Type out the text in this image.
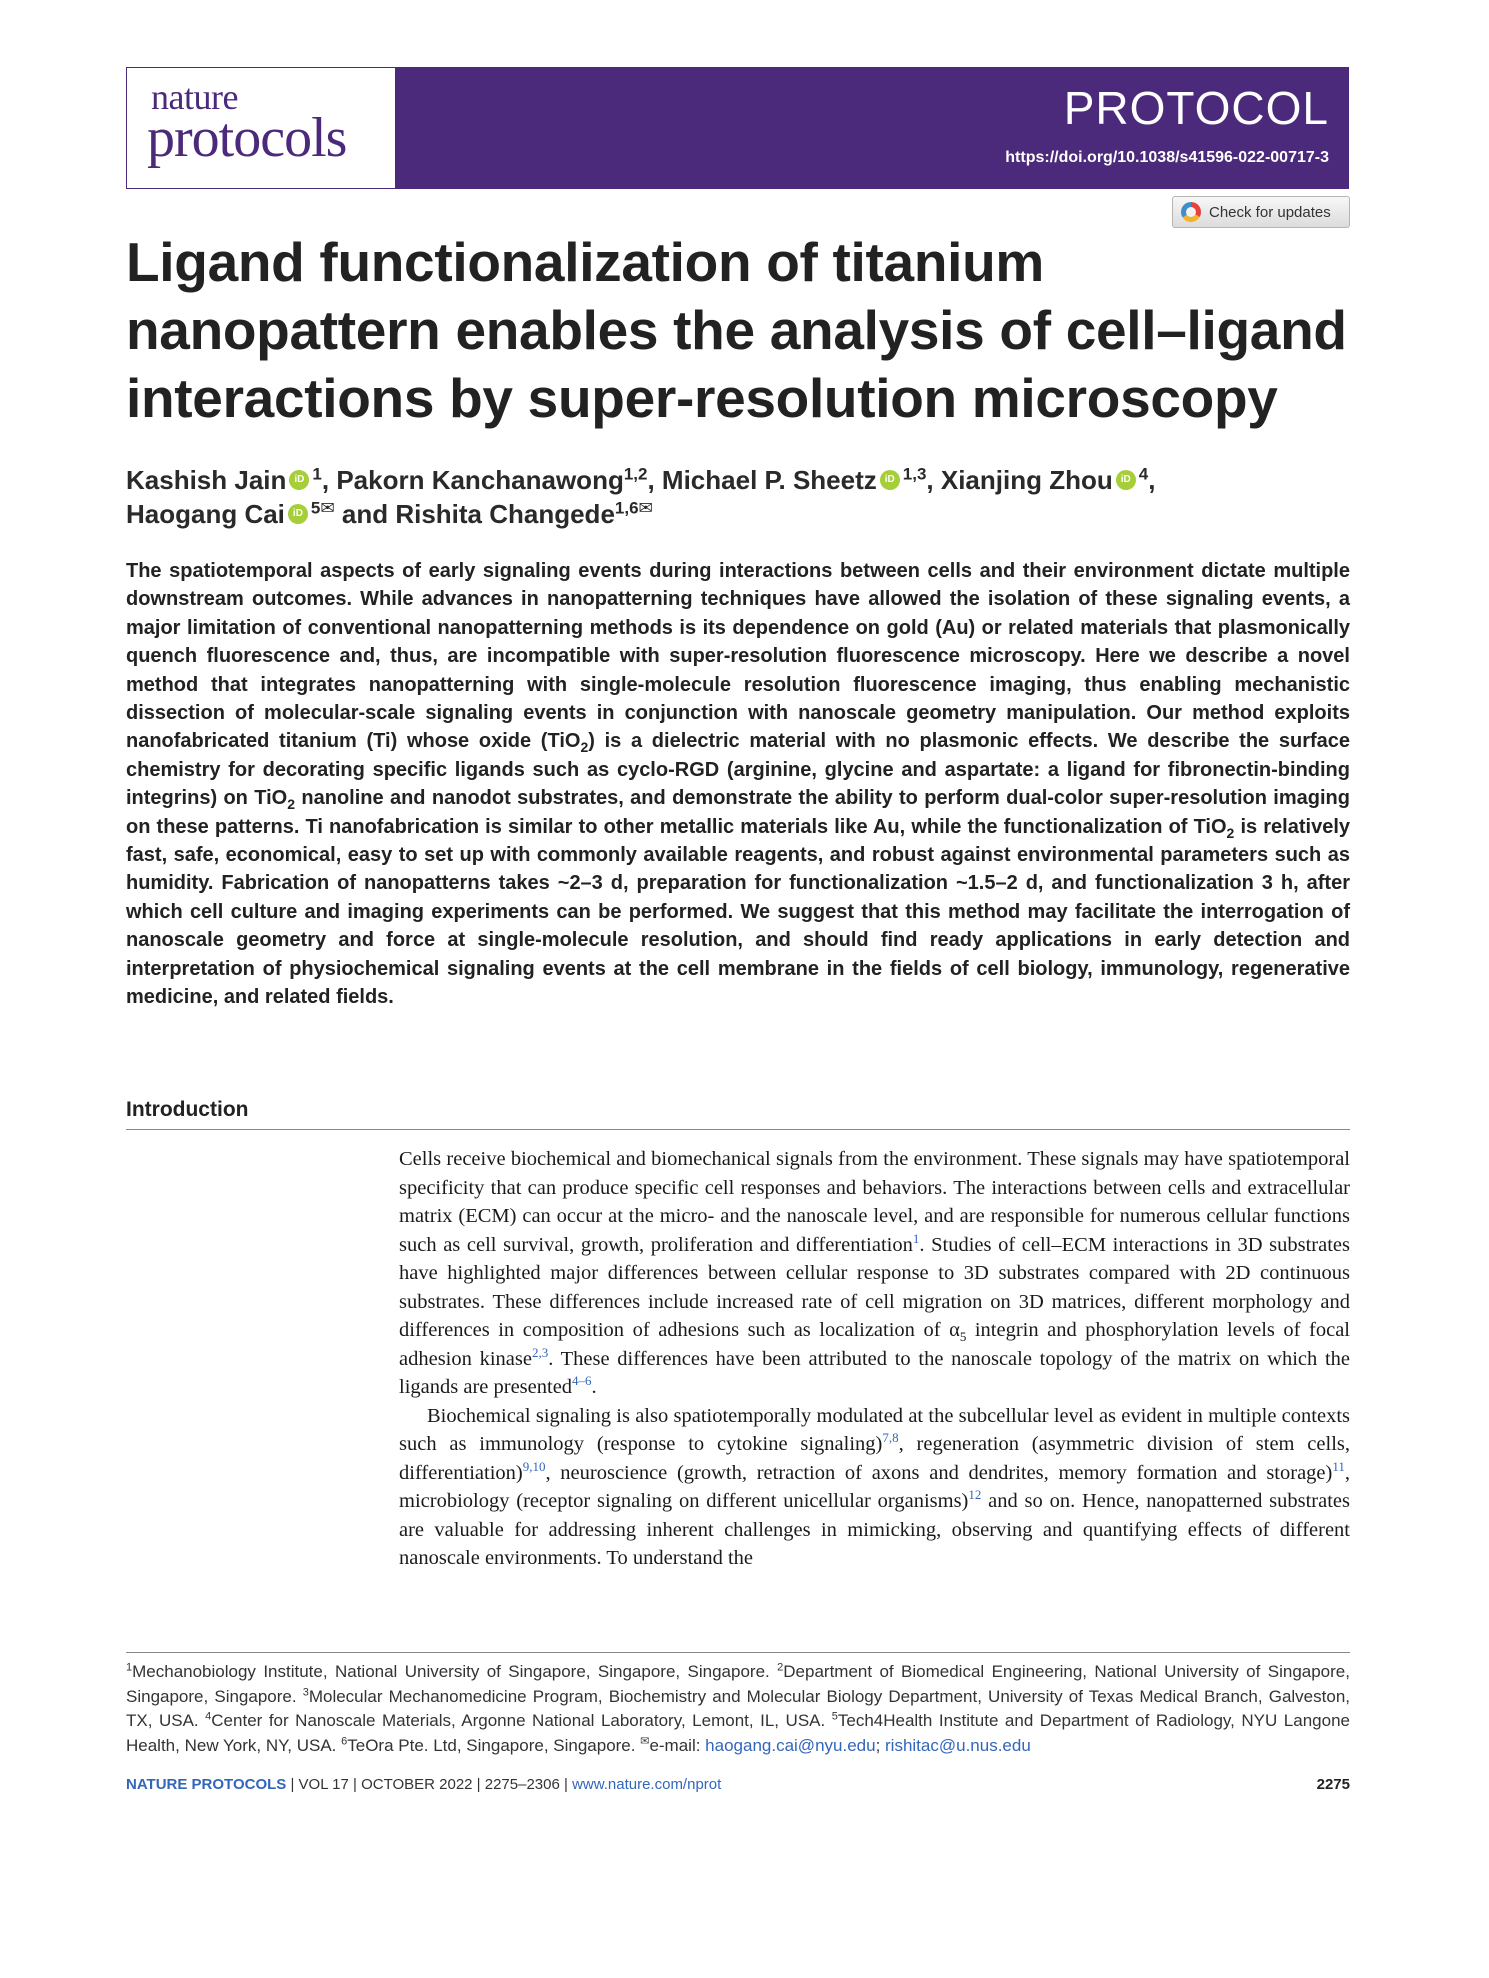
nature
protocols	PROTOCOL
https://doi.org/10.1038/s41596-022-00717-3
Check for updates
Ligand functionalization of titanium nanopattern enables the analysis of cell–ligand interactions by super-resolution microscopy
Kashish Jain iD $^1$, Pakorn Kanchanawong$^{1,2}$, Michael P. Sheetz iD $^{1,3}$, Xianjing Zhou iD $^4$,
Haogang Cai iD $^{5✉}$ and Rishita Changede$^{1,6✉}$
The spatiotemporal aspects of early signaling events during interactions between cells and their environment dictate multiple downstream outcomes. While advances in nanopatterning techniques have allowed the isolation of these signaling events, a major limitation of conventional nanopatterning methods is its dependence on gold (Au) or related materials that plasmonically quench fluorescence and, thus, are incompatible with super-resolution fluorescence microscopy. Here we describe a novel method that integrates nanopatterning with single-molecule resolution fluorescence imaging, thus enabling mechanistic dissection of molecular-scale signaling events in conjunction with nanoscale geometry manipulation. Our method exploits nanofabricated titanium (Ti) whose oxide (TiO$_2$) is a dielectric material with no plasmonic effects. We describe the surface chemistry for decorating specific ligands such as cyclo-RGD (arginine, glycine and aspartate: a ligand for fibronectin-binding integrins) on TiO$_2$ nanoline and nanodot substrates, and demonstrate the ability to perform dual-color super-resolution imaging on these patterns. Ti nanofabrication is similar to other metallic materials like Au, while the functionalization of TiO$_2$ is relatively fast, safe, economical, easy to set up with commonly available reagents, and robust against environmental parameters such as humidity. Fabrication of nanopatterns takes ~2–3 d, preparation for functionalization ~1.5–2 d, and functionalization 3 h, after which cell culture and imaging experiments can be performed. We suggest that this method may facilitate the interrogation of nanoscale geometry and force at single-molecule resolution, and should find ready applications in early detection and interpretation of physiochemical signaling events at the cell membrane in the fields of cell biology, immunology, regenerative medicine, and related fields.
Introduction

Cells receive biochemical and biomechanical signals from the environment. These signals may have spatiotemporal specificity that can produce specific cell responses and behaviors. The interactions between cells and extracellular matrix (ECM) can occur at the micro- and the nanoscale level, and are responsible for numerous cellular functions such as cell survival, growth, proliferation and differentiation$^1$. Studies of cell–ECM interactions in 3D substrates have highlighted major differences between cellular response to 3D substrates compared with 2D continuous substrates. These differences include increased rate of cell migration on 3D matrices, different morphology and differences in composition of adhesions such as localization of $\alpha_5$ integrin and phosphorylation levels of focal adhesion kinase$^{2,3}$. These differences have been attributed to the nanoscale topology of the matrix on which the ligands are presented$^{4-6}$.

Biochemical signaling is also spatiotemporally modulated at the subcellular level as evident in multiple contexts such as immunology (response to cytokine signaling)$^{7,8}$, regeneration (asymmetric division of stem cells, differentiation)$^{9,10}$, neuroscience (growth, retraction of axons and dendrites, memory formation and storage)$^{11}$, microbiology (receptor signaling on different unicellular organisms)$^{12}$ and so on. Hence, nanopatterned substrates are valuable for addressing inherent challenges in mimicking, observing and quantifying effects of different nanoscale environments. To understand the

$^1$Mechanobiology Institute, National University of Singapore, Singapore, Singapore. $^2$Department of Biomedical Engineering, National University of Singapore, Singapore, Singapore. $^3$Molecular Mechanomedicine Program, Biochemistry and Molecular Biology Department, University of Texas Medical Branch, Galveston, TX, USA. $^4$Center for Nanoscale Materials, Argonne National Laboratory, Lemont, IL, USA. $^5$Tech4Health Institute and Department of Radiology, NYU Langone Health, New York, NY, USA. $^6$TeOra Pte. Ltd, Singapore, Singapore. ✉e-mail: haogang.cai@nyu.edu; rishitac@u.nus.edu
NATURE PROTOCOLS | VOL 17 | OCTOBER 2022 | 2275–2306 | www.nature.com/nprot	2275
